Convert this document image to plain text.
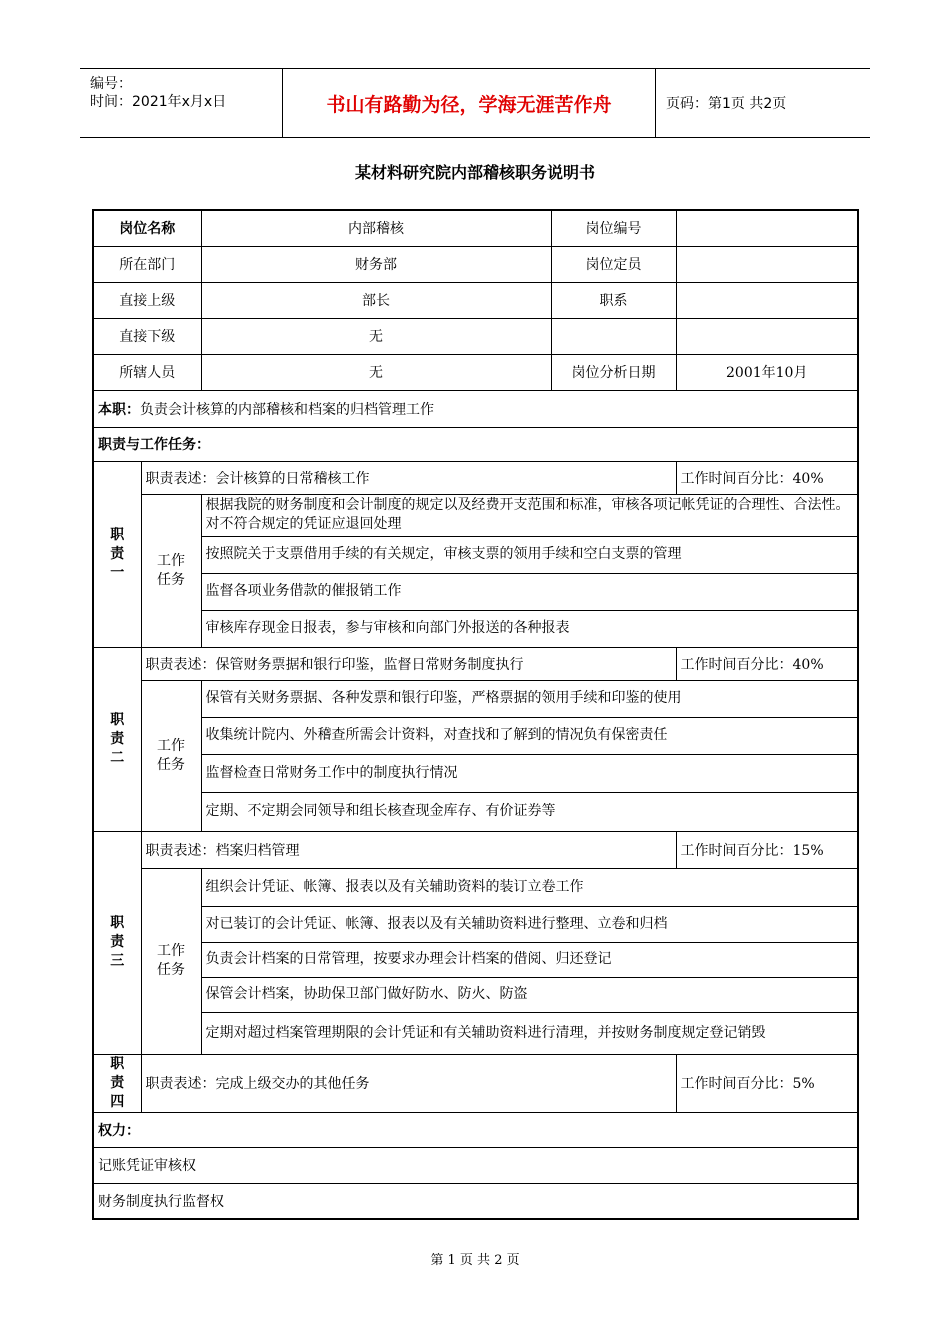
编号：
时间：2021年x月x日	书山有路勤为径，学海无涯苦作舟	页码：第1页 共2页
某材料研究院内部稽核职务说明书
岗位名称		内部稽核	岗位编号	
所在部门		财务部	岗位定员	
直接上级		部长	职系	
直接下级		无		
所辖人员		无	岗位分析日期	2001年10月
本职：负责会计核算的内部稽核和档案的归档管理工作				
职责与工作任务：				
职责一	职责表述：会计核算的日常稽核工作			工作时间百分比：40%
	工作任务	根据我院的财务制度和会计制度的规定以及经费开支范围和标准，审核各项记帐凭证的合理性、合法性。对不符合规定的凭证应退回处理		
		按照院关于支票借用手续的有关规定，审核支票的领用手续和空白支票的管理		
		监督各项业务借款的催报销工作		
		审核库存现金日报表，参与审核和向部门外报送的各种报表		
职责二	职责表述：保管财务票据和银行印鉴，监督日常财务制度执行			工作时间百分比：40%
	工作任务	保管有关财务票据、各种发票和银行印鉴，严格票据的领用手续和印鉴的使用		
		收集统计院内、外稽查所需会计资料，对查找和了解到的情况负有保密责任		
		监督检查日常财务工作中的制度执行情况		
		定期、不定期会同领导和组长核查现金库存、有价证券等		
职责三	职责表述：档案归档管理			工作时间百分比：15%
	工作任务	组织会计凭证、帐簿、报表以及有关辅助资料的装订立卷工作		
		对已装订的会计凭证、帐簿、报表以及有关辅助资料进行整理、立卷和归档		
		负责会计档案的日常管理，按要求办理会计档案的借阅、归还登记		
		保管会计档案，协助保卫部门做好防水、防火、防盗		
		定期对超过档案管理期限的会计凭证和有关辅助资料进行清理，并按财务制度规定登记销毁		
职责四	职责表述：完成上级交办的其他任务			工作时间百分比：5%
权力：				
记账凭证审核权				
财务制度执行监督权				
第 1 页 共 2 页
